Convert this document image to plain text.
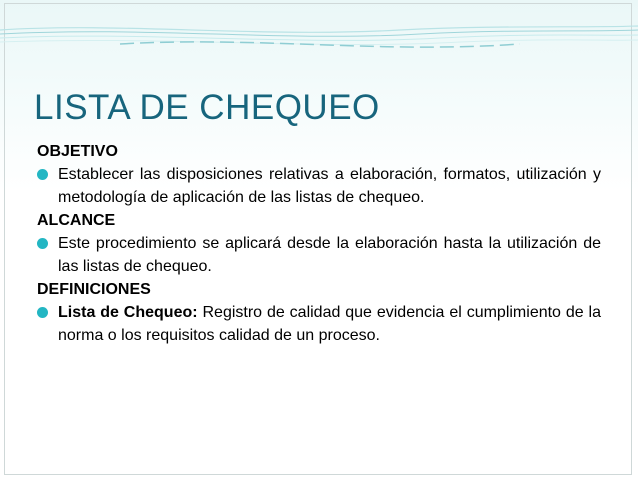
LISTA DE CHEQUEO
OBJETIVO
Establecer las disposiciones relativas a elaboración, formatos, utilización y metodología de aplicación de las listas de chequeo.
ALCANCE
Este procedimiento se aplicará desde la elaboración hasta la utilización de las listas de chequeo.
DEFINICIONES
Lista de Chequeo: Registro de calidad que evidencia el cumplimiento de la norma o los requisitos calidad de un proceso.
